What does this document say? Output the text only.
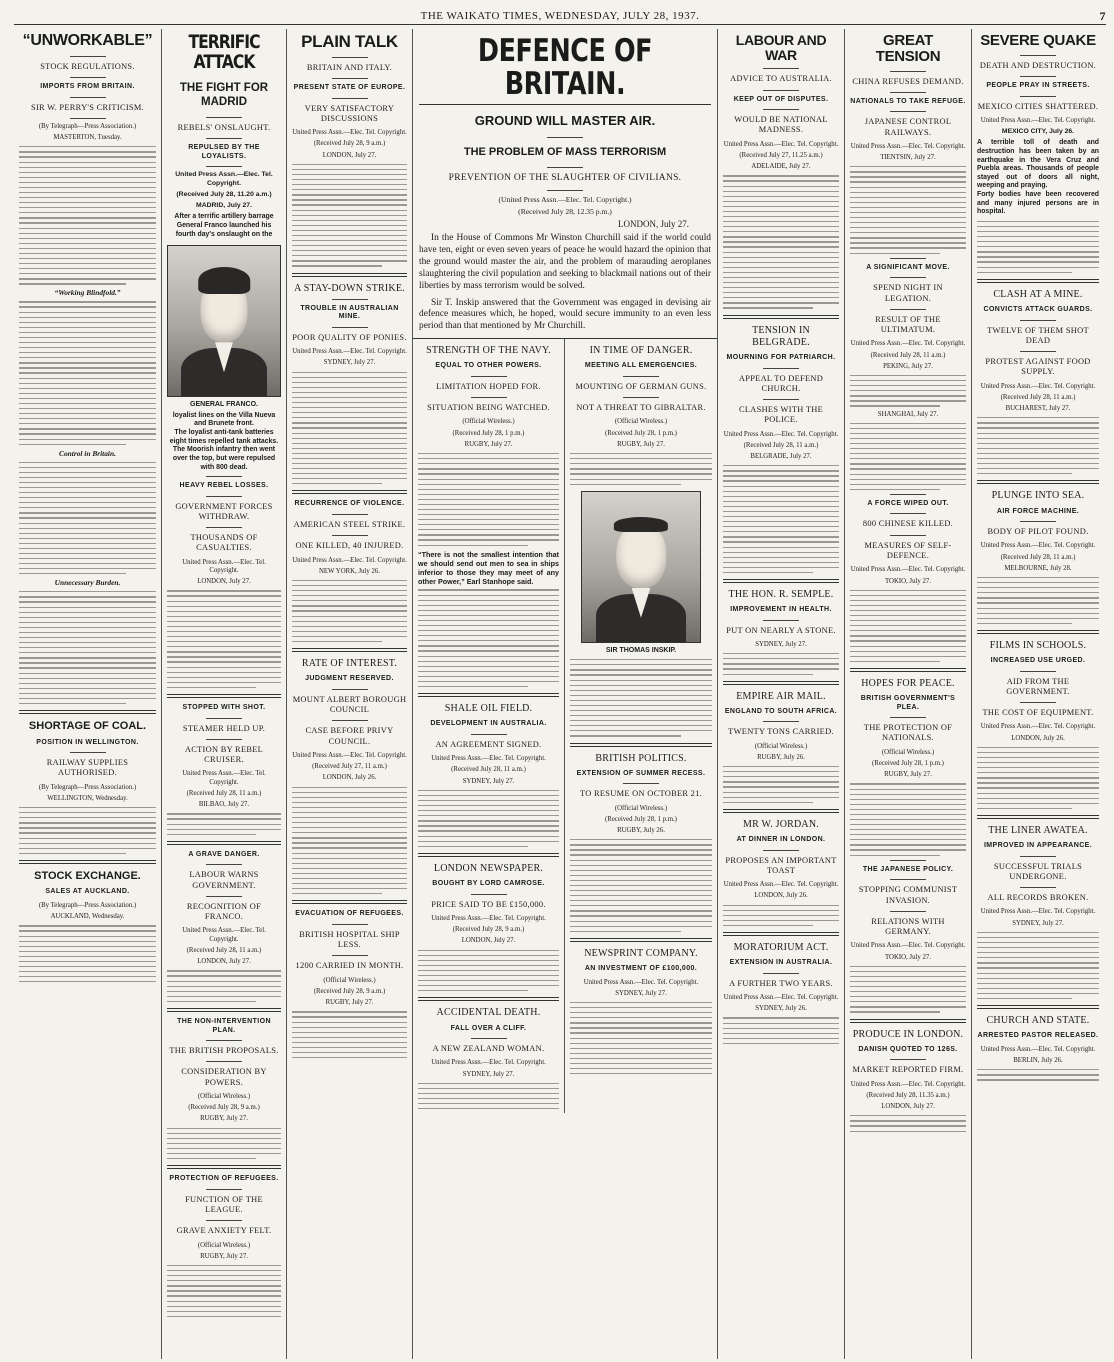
THE WAIKATO TIMES, WEDNESDAY, JULY 28, 1937.	7
“UNWORKABLE”
STOCK REGULATIONS.
IMPORTS FROM BRITAIN.
SIR W. PERRY'S CRITICISM.
(By Telegraph—Press Association.)
MASTERTON, Tuesday.
“Working Blindfold.”
Control in Britain.
Unnecessary Burden.
SHORTAGE OF COAL.
POSITION IN WELLINGTON.
RAILWAY SUPPLIES AUTHORISED.
(By Telegraph—Press Association.)
WELLINGTON, Wednesday.
STOCK EXCHANGE.
SALES AT AUCKLAND.
(By Telegraph—Press Association.)
AUCKLAND, Wednesday.
TERRIFIC ATTACK
THE FIGHT FOR MADRID
REBELS' ONSLAUGHT.
REPULSED BY THE LOYALISTS.
United Press Assn.—Elec. Tel. Copyright.
(Received July 28, 11.20 a.m.)
MADRID, July 27.
After a terrific artillery barrage General Franco launched his fourth day's onslaught on the
GENERAL FRANCO.
loyalist lines on the Villa Nueva and Brunete front.
The loyalist anti-tank batteries eight times repelled tank attacks. The Moorish infantry then went over the top, but were repulsed with 800 dead.
HEAVY REBEL LOSSES.
GOVERNMENT FORCES WITHDRAW.
THOUSANDS OF CASUALTIES.
United Press Assn.—Elec. Tel. Copyright.
LONDON, July 27.
STOPPED WITH SHOT.
STEAMER HELD UP.
ACTION BY REBEL CRUISER.
United Press Assn.—Elec. Tel. Copyright.
(Received July 28, 11 a.m.)
BILBAO, July 27.
A GRAVE DANGER.
LABOUR WARNS GOVERNMENT.
RECOGNITION OF FRANCO.
United Press Assn.—Elec. Tel. Copyright.
(Received July 28, 11 a.m.)
LONDON, July 27.
THE NON-INTERVENTION PLAN.
THE BRITISH PROPOSALS.
CONSIDERATION BY POWERS.
(Official Wireless.)
(Received July 28, 9 a.m.)
RUGBY, July 27.
PROTECTION OF REFUGEES.
FUNCTION OF THE LEAGUE.
GRAVE ANXIETY FELT.
(Official Wireless.)
RUGBY, July 27.
PLAIN TALK
BRITAIN AND ITALY.
PRESENT STATE OF EUROPE.
VERY SATISFACTORY DISCUSSIONS
United Press Assn.—Elec. Tel. Copyright.
(Received July 28, 9 a.m.)
LONDON, July 27.
A STAY-DOWN STRIKE.
TROUBLE IN AUSTRALIAN MINE.
POOR QUALITY OF PONIES.
United Press Assn.—Elec. Tel. Copyright.
SYDNEY, July 27.
RECURRENCE OF VIOLENCE.
AMERICAN STEEL STRIKE.
ONE KILLED, 40 INJURED.
United Press Assn.—Elec. Tel. Copyright.
NEW YORK, July 26.
RATE OF INTEREST.
JUDGMENT RESERVED.
MOUNT ALBERT BOROUGH COUNCIL
CASE BEFORE PRIVY COUNCIL.
United Press Assn.—Elec. Tel. Copyright.
(Received July 27, 11 a.m.)
LONDON, July 26.
EVACUATION OF REFUGEES.
BRITISH HOSPITAL SHIP LESS.
1200 CARRIED IN MONTH.
(Official Wireless.)
(Received July 28, 9 a.m.)
RUGBY, July 27.
DEFENCE OF BRITAIN.
GROUND WILL MASTER AIR.
THE PROBLEM OF MASS TERRORISM
PREVENTION OF THE SLAUGHTER OF CIVILIANS.
(United Press Assn.—Elec. Tel. Copyright.)
(Received July 28, 12.35 p.m.)
LONDON, July 27.

In the House of Commons Mr Winston Churchill said if the world could have ten, eight or even seven years of peace he would hazard the opinion that the ground would master the air, and the problem of marauding aeroplanes slaughtering the civil population and seeking to blackmail nations out of their liberties by mass terrorism would be solved.

Sir T. Inskip answered that the Government was engaged in devising air defence measures which, he hoped, would secure immunity to an even less period than that mentioned by Mr Churchill.

STRENGTH OF THE NAVY.
EQUAL TO OTHER POWERS.
LIMITATION HOPED FOR.
SITUATION BEING WATCHED.
(Official Wireless.)
(Received July 28, 1 p.m.)
RUGBY, July 27.
“There is not the smallest intention that we should send out men to sea in ships inferior to those they may meet of any other Power,” Earl Stanhope said.
SHALE OIL FIELD.
DEVELOPMENT IN AUSTRALIA.
AN AGREEMENT SIGNED.
United Press Assn.—Elec. Tel. Copyright.
(Received July 28, 11 a.m.)
SYDNEY, July 27.
LONDON NEWSPAPER.
BOUGHT BY LORD CAMROSE.
PRICE SAID TO BE £150,000.
United Press Assn.—Elec. Tel. Copyright.
(Received July 28, 9 a.m.)
LONDON, July 27.
ACCIDENTAL DEATH.
FALL OVER A CLIFF.
A NEW ZEALAND WOMAN.
United Press Assn.—Elec. Tel. Copyright.
SYDNEY, July 27.
IN TIME OF DANGER.
MEETING ALL EMERGENCIES.
MOUNTING OF GERMAN GUNS.
NOT A THREAT TO GIBRALTAR.
(Official Wireless.)
(Received July 28, 1 p.m.)
RUGBY, July 27.
SIR THOMAS INSKIP.
BRITISH POLITICS.
EXTENSION OF SUMMER RECESS.
TO RESUME ON OCTOBER 21.
(Official Wireless.)
(Received July 28, 1 p.m.)
RUGBY, July 26.
NEWSPRINT COMPANY.
AN INVESTMENT OF £100,000.
United Press Assn.—Elec. Tel. Copyright.
SYDNEY, July 27.
LABOUR AND WAR
ADVICE TO AUSTRALIA.
KEEP OUT OF DISPUTES.
WOULD BE NATIONAL MADNESS.
United Press Assn.—Elec. Tel. Copyright.
(Received July 27, 11.25 a.m.)
ADELAIDE, July 27.
TENSION IN BELGRADE.
MOURNING FOR PATRIARCH.
APPEAL TO DEFEND CHURCH.
CLASHES WITH THE POLICE.
United Press Assn.—Elec. Tel. Copyright.
(Received July 28, 11 a.m.)
BELGRADE, July 27.
THE HON. R. SEMPLE.
IMPROVEMENT IN HEALTH.
PUT ON NEARLY A STONE.
SYDNEY, July 27.
EMPIRE AIR MAIL.
ENGLAND TO SOUTH AFRICA.
TWENTY TONS CARRIED.
(Official Wireless.)
RUGBY, July 26.
MR W. JORDAN.
AT DINNER IN LONDON.
PROPOSES AN IMPORTANT TOAST
United Press Assn.—Elec. Tel. Copyright.
LONDON, July 26.
MORATORIUM ACT.
EXTENSION IN AUSTRALIA.
A FURTHER TWO YEARS.
United Press Assn.—Elec. Tel. Copyright.
SYDNEY, July 26.
GREAT TENSION
CHINA REFUSES DEMAND.
NATIONALS TO TAKE REFUGE.
JAPANESE CONTROL RAILWAYS.
United Press Assn.—Elec. Tel. Copyright.
TIENTSIN, July 27.
A SIGNIFICANT MOVE.
SPEND NIGHT IN LEGATION.
RESULT OF THE ULTIMATUM.
United Press Assn.—Elec. Tel. Copyright.
(Received July 28, 11 a.m.)
PEKING, July 27.
SHANGHAI, July 27.
A FORCE WIPED OUT.
800 CHINESE KILLED.
MEASURES OF SELF-DEFENCE.
United Press Assn.—Elec. Tel. Copyright.
TOKIO, July 27.
HOPES FOR PEACE.
BRITISH GOVERNMENT'S PLEA.
THE PROTECTION OF NATIONALS.
(Official Wireless.)
(Received July 28, 1 p.m.)
RUGBY, July 27.
THE JAPANESE POLICY.
STOPPING COMMUNIST INVASION.
RELATIONS WITH GERMANY.
United Press Assn.—Elec. Tel. Copyright.
TOKIO, July 27.
PRODUCE IN LONDON.
DANISH QUOTED TO 126S.
MARKET REPORTED FIRM.
United Press Assn.—Elec. Tel. Copyright.
(Received July 28, 11.35 a.m.)
LONDON, July 27.
SEVERE QUAKE
DEATH AND DESTRUCTION.
PEOPLE PRAY IN STREETS.
MEXICO CITIES SHATTERED.
United Press Assn.—Elec. Tel. Copyright.
MEXICO CITY, July 26.
A terrible toll of death and destruction has been taken by an earthquake in the Vera Cruz and Puebla areas. Thousands of people stayed out of doors all night, weeping and praying.
Forty bodies have been recovered and many injured persons are in hospital.
CLASH AT A MINE.
CONVICTS ATTACK GUARDS.
TWELVE OF THEM SHOT DEAD
PROTEST AGAINST FOOD SUPPLY.
United Press Assn.—Elec. Tel. Copyright.
(Received July 28, 11 a.m.)
BUCHAREST, July 27.
PLUNGE INTO SEA.
AIR FORCE MACHINE.
BODY OF PILOT FOUND.
United Press Assn.—Elec. Tel. Copyright.
(Received July 28, 11 a.m.)
MELBOURNE, July 28.
FILMS IN SCHOOLS.
INCREASED USE URGED.
AID FROM THE GOVERNMENT.
THE COST OF EQUIPMENT.
United Press Assn.—Elec. Tel. Copyright.
LONDON, July 26.
THE LINER AWATEA.
IMPROVED IN APPEARANCE.
SUCCESSFUL TRIALS UNDERGONE.
ALL RECORDS BROKEN.
United Press Assn.—Elec. Tel. Copyright.
SYDNEY, July 27.
CHURCH AND STATE.
ARRESTED PASTOR RELEASED.
United Press Assn.—Elec. Tel. Copyright.
BERLIN, July 26.
